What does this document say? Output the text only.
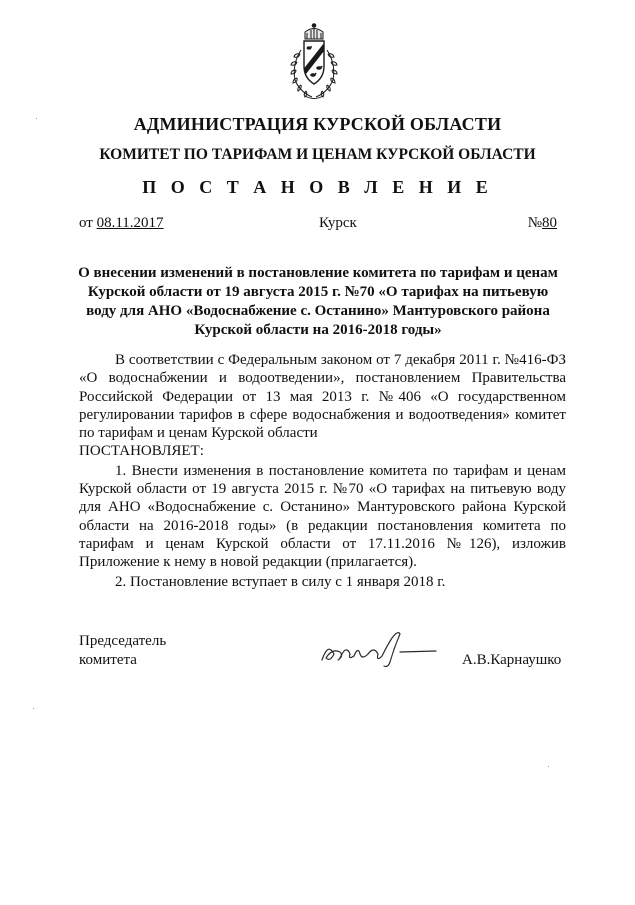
АДМИНИСТРАЦИЯ КУРСКОЙ ОБЛАСТИ
КОМИТЕТ ПО ТАРИФАМ И ЦЕНАМ КУРСКОЙ ОБЛАСТИ
П О С Т А Н О В Л Е Н И Е
от 08.11.2017	Курск	№80
О внесении изменений в постановление комитета по тарифам и ценам
Курской области от 19 августа 2015 г. №70 «О тарифах на питьевую
воду для АНО «Водоснабжение с. Останино» Мантуровского района
Курской области на 2016-2018 годы»

В соответствии с Федеральным законом от 7 декабря 2011 г. №416-ФЗ «О водоснабжении и водоотведении», постановлением Правительства Российской Федерации от 13 мая 2013 г. №406 «О государственном регулировании тарифов в сфере водоснабжения и водоотведения» комитет по тарифам и ценам Курской области

ПОСТАНОВЛЯЕТ:

1. Внести изменения в постановление комитета по тарифам и ценам Курской области от 19 августа 2015 г. №70 «О тарифах на питьевую воду для АНО «Водоснабжение с. Останино» Мантуровского района Курской области на 2016-2018 годы» (в редакции постановления комитета по тарифам и ценам Курской области от 17.11.2016 №126), изложив Приложение к нему в новой редакции (прилагается).

2. Постановление вступает в силу с 1 января 2018 г.

Председатель
комитета	А.В.Карнаушко
